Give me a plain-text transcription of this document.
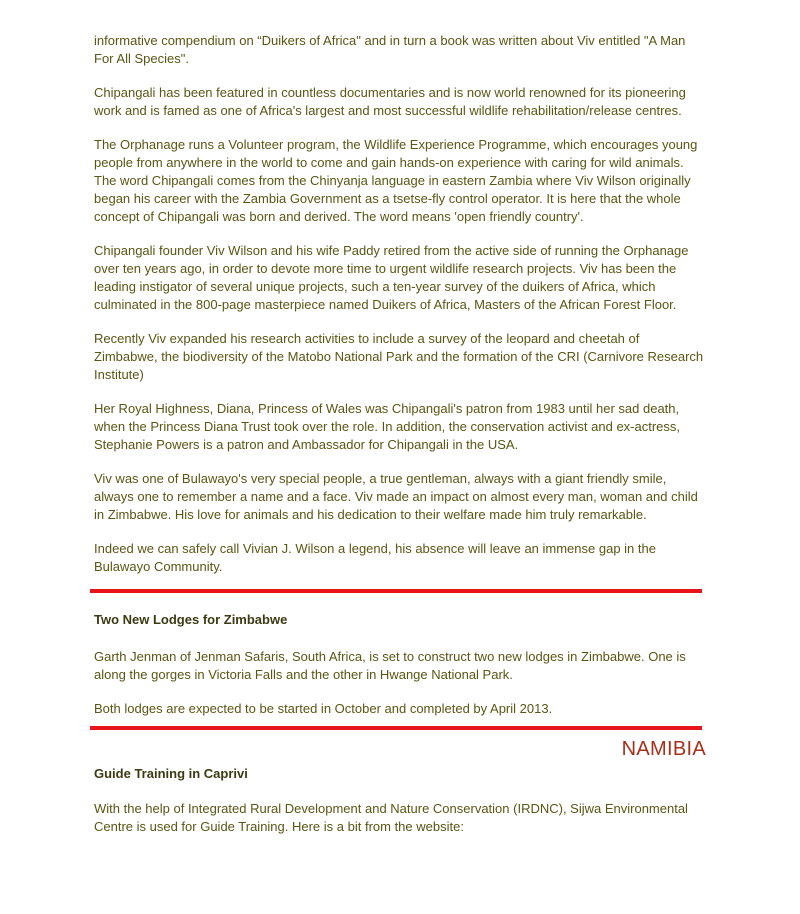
informative compendium on “Duikers of Africa" and in turn a book was written about Viv entitled "A Man For All Species".

Chipangali has been featured in countless documentaries and is now world renowned for its pioneering work and is famed as one of Africa's largest and most successful wildlife rehabilitation/release centres.

The Orphanage runs a Volunteer program, the Wildlife Experience Programme, which encourages young people from anywhere in the world to come and gain hands-on experience with caring for wild animals. The word Chipangali comes from the Chinyanja language in eastern Zambia where Viv Wilson originally began his career with the Zambia Government as a tsetse-fly control operator. It is here that the whole concept of Chipangali was born and derived. The word means 'open friendly country'.

Chipangali founder Viv Wilson and his wife Paddy retired from the active side of running the Orphanage over ten years ago, in order to devote more time to urgent wildlife research projects. Viv has been the leading instigator of several unique projects, such a ten-year survey of the duikers of Africa, which culminated in the 800-page masterpiece named Duikers of Africa, Masters of the African Forest Floor.

Recently Viv expanded his research activities to include a survey of the leopard and cheetah of Zimbabwe, the biodiversity of the Matobo National Park and the formation of the CRI (Carnivore Research Institute)

Her Royal Highness, Diana, Princess of Wales was Chipangali's patron from 1983 until her sad death, when the Princess Diana Trust took over the role. In addition, the conservation activist and ex-actress, Stephanie Powers is a patron and Ambassador for Chipangali in the USA.

Viv was one of Bulawayo's very special people, a true gentleman, always with a giant friendly smile, always one to remember a name and a face. Viv made an impact on almost every man, woman and child in Zimbabwe. His love for animals and his dedication to their welfare made him truly remarkable.

Indeed we can safely call Vivian J. Wilson a legend, his absence will leave an immense gap in the Bulawayo Community.

Two New Lodges for Zimbabwe

Garth Jenman of Jenman Safaris, South Africa, is set to construct two new lodges in Zimbabwe. One is along the gorges in Victoria Falls and the other in Hwange National Park.

Both lodges are expected to be started in October and completed by April 2013.

NAMIBIA
Guide Training in Caprivi

With the help of Integrated Rural Development and Nature Conservation (IRDNC), Sijwa Environmental Centre is used for Guide Training. Here is a bit from the website:
